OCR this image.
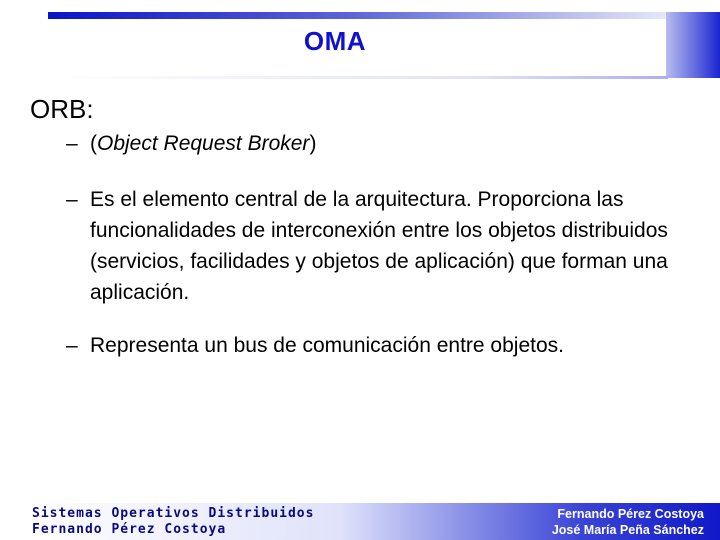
OMA
ORB:
– (Object Request Broker)
– Es el elemento central de la arquitectura. Proporciona las funcionalidades de interconexión entre los objetos distribuidos (servicios, facilidades y objetos de aplicación) que forman una aplicación.
– Representa un bus de comunicación entre objetos.
Sistemas Operativos Distribuidos
Fernando Pérez Costoya
Fernando Pérez Costoya
José María Peña Sánchez
